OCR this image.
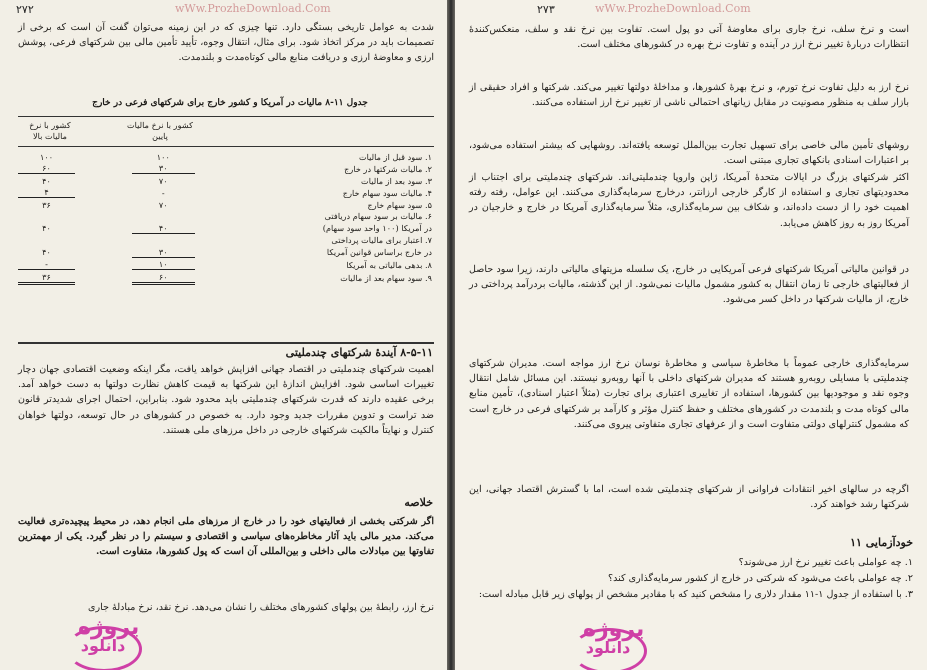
wWw.ProzheDownload.Com
۲۷۲
شدت به عوامل تاریخی بستگی دارد. تنها چیزی که در این زمینه می‌توان گفت آن است که برخی از تصمیمات باید در مرکز اتخاذ شود. برای مثال، انتقال وجوه، تأیید تأمین مالی بین شرکتهای فرعی، پوشش ارزی و معاوضهٔ ارزی و دریافت منابع مالی کوتاه‌مدت و بلندمدت.
جدول ۱۱-۸ مالیات در آمریکا و کشور خارج برای شرکتهای فرعی در خارج
کشور با نرخ مالیات پایین
کشور با نرخ مالیات بالا
۱. سود قبل از مالیات		۱۰۰		۱۰۰
۲. مالیات شرکتها در خارج		۳۰		۶۰
۳. سود بعد از مالیات		۷۰		۴۰
۴. مالیات سود سهام خارج		-		۴
۵. سود سهام خارج		۷۰		۳۶
۶. مالیات بر سود سهام دریافتی				
در آمریکا (۱۰۰ واحد سود سهام)		۴۰		۴۰
۷. اعتبار برای مالیات پرداختی				
در خارج براساس قوانین آمریکا		۳۰		۴۰
۸. بدهی مالیاتی به آمریکا		۱۰		-
۹. سود سهام بعد از مالیات		۶۰		۳۶
۸-۵-۱۱ آیندهٔ شرکتهای چندملیتی
اهمیت شرکتهای چندملیتی در اقتصاد جهانی افزایش خواهد یافت، مگر اینکه وضعیت اقتصادی جهان دچار تغییرات اساسی شود. افزایش اندازهٔ این شرکتها به قیمت کاهش نظارت دولتها به دست خواهد آمد. برخی عقیده دارند که قدرت شرکتهای چندملیتی باید محدود شود. بنابراین، احتمال اجرای شدیدتر قانون ضد تراست و تدوین مقررات جدید وجود دارد. به خصوص در کشورهای در حال توسعه، دولتها خواهان کنترل و نهایتاً مالکیت شرکتهای خارجی در داخل مرزهای ملی هستند.
خلاصه
اگر شرکتی بخشی از فعالیتهای خود را در خارج از مرزهای ملی انجام دهد، در محیط پیچیده‌تری فعالیت می‌کند. مدیر مالی باید آثار مخاطره‌های سیاسی و اقتصادی و سیستم را در نظر گیرد. یکی از مهمترین تفاوتها بین مبادلات مالی داخلی و بین‌المللی آن است که پول کشورها، متفاوت است.
نرخ ارز، رابطهٔ بین پولهای کشورهای مختلف را نشان می‌دهد. نرخ نقد، نرخ مبادلهٔ جاری
پروژه
دانلود
wWw.ProzheDownload.Com
۲۷۳
است و نرخ سلف، نرخ جاری برای معاوضهٔ آتی دو پول است. تفاوت بین نرخ نقد و سلف، منعکس‌کنندهٔ انتظارات دربارهٔ تغییر نرخ ارز در آینده و تفاوت نرخ بهره در کشورهای مختلف است.
نرخ ارز به دلیل تفاوت نرخ تورم، و نرخ بهرهٔ کشورها، و مداخلهٔ دولتها تغییر می‌کند. شرکتها و افراد حقیقی از بازار سلف به منظور مصونیت در مقابل زیانهای احتمالی ناشی از تغییر نرخ ارز استفاده می‌کنند.
روشهای تأمین مالی خاصی برای تسهیل تجارت بین‌الملل توسعه یافته‌اند. روشهایی که بیشتر استفاده می‌شود، بر اعتبارات اسنادی بانکهای تجاری مبتنی است.
اکثر شرکتهای بزرگ در ایالات متحدهٔ آمریکا، ژاپن واروپا چندملیتی‌اند. شرکتهای چندملیتی برای اجتناب از محدودیتهای تجاری و استفاده از کارگر خارجی ارزانتر، درخارج سرمایه‌گذاری می‌کنند. این عوامل، رفته رفته اهمیت خود را از دست داده‌اند، و شکاف بین سرمایه‌گذاری، مثلاً سرمایه‌گذاری آمریکا در خارج و خارجیان در آمریکا روز به روز کاهش می‌یابد.
در قوانین مالیاتی آمریکا شرکتهای فرعی آمریکایی در خارج، یک سلسله مزیتهای مالیاتی دارند، زیرا سود حاصل از فعالیتهای خارجی تا زمان انتقال به کشور مشمول مالیات نمی‌شود. از این گذشته، مالیات بردرآمد پرداختی در خارج، از مالیات شرکتها در داخل کسر می‌شود.
سرمایه‌گذاری خارجی عموماً با مخاطرهٔ سیاسی و مخاطرهٔ نوسان نرخ ارز مواجه است. مدیران شرکتهای چندملیتی با مسایلی روبه‌رو هستند که مدیران شرکتهای داخلی با آنها روبه‌رو نیستند. این مسائل شامل انتقال وجوه نقد و موجودیها بین کشورها، استفاده از تغاییری اعتباری برای تجارت (مثلاً اعتبار اسنادی)، تأمین منابع مالی کوتاه مدت و بلندمدت در کشورهای مختلف و حفظ کنترل مؤثر و کارآمد بر شرکتهای فرعی در خارج است که مشمول کنترلهای دولتی متفاوت است و از عرفهای تجاری متفاوتی پیروی می‌کنند.
اگرچه در سالهای اخیر انتقادات فراوانی از شرکتهای چندملیتی شده است، اما با گسترش اقتصاد جهانی، این شرکتها رشد خواهند کرد.
خودآزمایی ۱۱
۱. چه عواملی باعث تغییر نرخ ارز می‌شوند؟
۲. چه عواملی باعث می‌شود که شرکتی در خارج از کشور سرمایه‌گذاری کند؟
۳. با استفاده از جدول ۱-۱۱ مقدار دلاری را مشخص کنید که با مقادیر مشخص از پولهای زیر قابل مبادله است:
پروژه
دانلود
